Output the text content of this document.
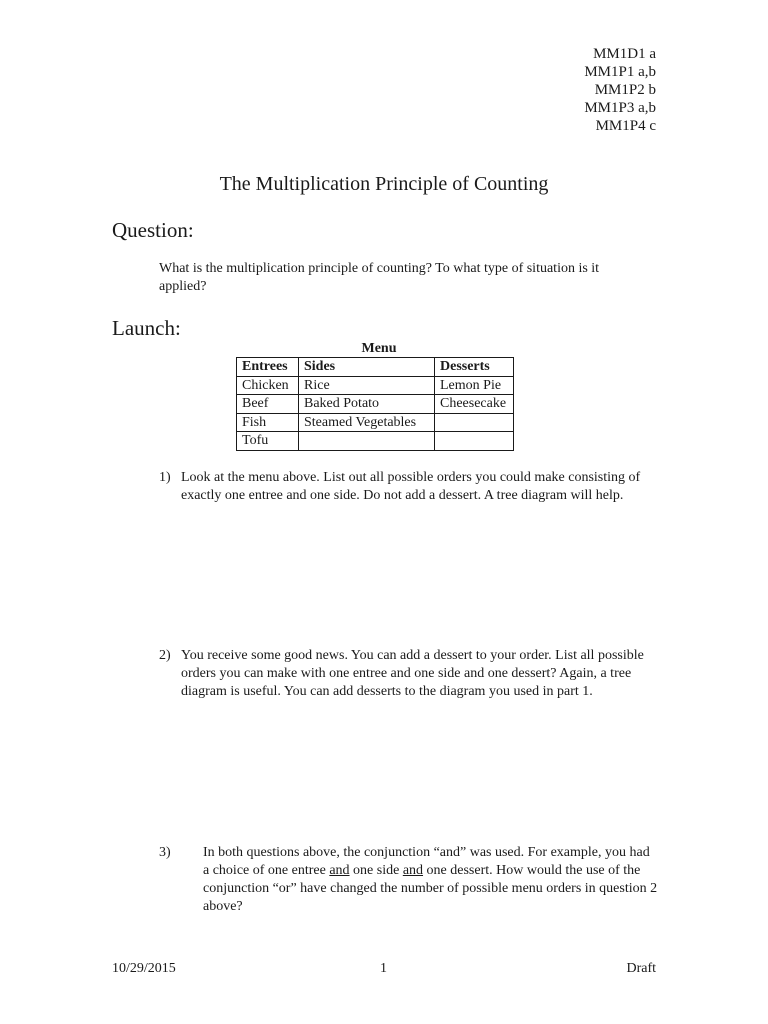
MM1D1 a
MM1P1 a,b
MM1P2 b
MM1P3 a,b
MM1P4 c
The Multiplication Principle of Counting
Question:
What is the multiplication principle of counting? To what type of situation is it applied?
Launch:
Menu
Entrees	Sides	Desserts
Chicken	Rice	Lemon Pie
Beef	Baked Potato	Cheesecake
Fish	Steamed Vegetables	
Tofu		
1) Look at the menu above. List out all possible orders you could make consisting of exactly one entree and one side. Do not add a dessert. A tree diagram will help.
2) You receive some good news. You can add a dessert to your order. List all possible orders you can make with one entree and one side and one dessert? Again, a tree diagram is useful. You can add desserts to the diagram you used in part 1.
3) In both questions above, the conjunction “and” was used. For example, you had a choice of one entree and one side and one dessert. How would the use of the conjunction “or” have changed the number of possible menu orders in question 2 above?
10/29/2015	1	Draft
